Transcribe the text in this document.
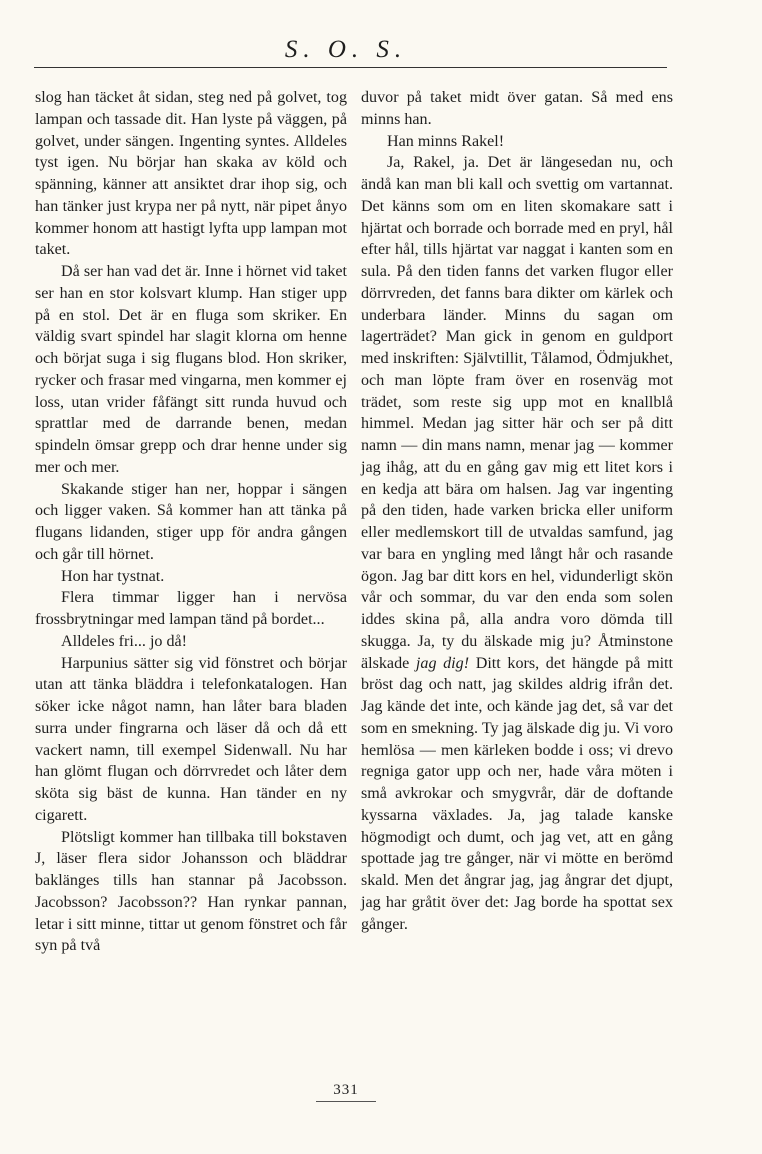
S. O. S.

slog han täcket åt sidan, steg ned på golvet, tog lampan och tassade dit. Han lyste på väggen, på golvet, under sängen. Ingenting syntes. Alldeles tyst igen. Nu börjar han skaka av köld och spänning, känner att ansiktet drar ihop sig, och han tänker just krypa ner på nytt, när pipet ånyo kommer honom att hastigt lyfta upp lampan mot taket.

Då ser han vad det är. Inne i hörnet vid taket ser han en stor kolsvart klump. Han stiger upp på en stol. Det är en fluga som skriker. En väldig svart spindel har slagit klorna om henne och börjat suga i sig flugans blod. Hon skriker, rycker och frasar med vingarna, men kommer ej loss, utan vrider fåfängt sitt runda huvud och sprattlar med de darrande benen, medan spindeln ömsar grepp och drar henne under sig mer och mer.

Skakande stiger han ner, hoppar i sängen och ligger vaken. Så kommer han att tänka på flugans lidanden, stiger upp för andra gången och går till hörnet.

Hon har tystnat.

Flera timmar ligger han i nervösa frossbrytningar med lampan tänd på bordet...

Alldeles fri... jo då!

Harpunius sätter sig vid fönstret och börjar utan att tänka bläddra i telefonkatalogen. Han söker icke något namn, han låter bara bladen surra under fingrarna och läser då och då ett vackert namn, till exempel Sidenwall. Nu har han glömt flugan och dörrvredet och låter dem sköta sig bäst de kunna. Han tänder en ny cigarett.

Plötsligt kommer han tillbaka till bokstaven J, läser flera sidor Johansson och bläddrar baklänges tills han stannar på Jacobsson. Jacobsson? Jacobsson?? Han rynkar pannan, letar i sitt minne, tittar ut genom fönstret och får syn på två

duvor på taket midt över gatan. Så med ens minns han.

Han minns Rakel!

Ja, Rakel, ja. Det är längesedan nu, och ändå kan man bli kall och svettig om vartannat. Det känns som om en liten skomakare satt i hjärtat och borrade och borrade med en pryl, hål efter hål, tills hjärtat var naggat i kanten som en sula. På den tiden fanns det varken flugor eller dörrvreden, det fanns bara dikter om kärlek och underbara länder. Minns du sagan om lagerträdet? Man gick in genom en guldport med inskriften: Självtillit, Tålamod, Ödmjukhet, och man löpte fram över en rosenväg mot trädet, som reste sig upp mot en knallblå himmel. Medan jag sitter här och ser på ditt namn — din mans namn, menar jag — kommer jag ihåg, att du en gång gav mig ett litet kors i en kedja att bära om halsen. Jag var ingenting på den tiden, hade varken bricka eller uniform eller medlemskort till de utvaldas samfund, jag var bara en yngling med långt hår och rasande ögon. Jag bar ditt kors en hel, vidunderligt skön vår och sommar, du var den enda som solen iddes skina på, alla andra voro dömda till skugga. Ja, ty du älskade mig ju? Åtminstone älskade jag dig! Ditt kors, det hängde på mitt bröst dag och natt, jag skildes aldrig ifrån det. Jag kände det inte, och kände jag det, så var det som en smekning. Ty jag älskade dig ju. Vi voro hemlösa — men kärleken bodde i oss; vi drevo regniga gator upp och ner, hade våra möten i små avkrokar och smygvrår, där de doftande kyssarna växlades. Ja, jag talade kanske högmodigt och dumt, och jag vet, att en gång spottade jag tre gånger, när vi mötte en berömd skald. Men det ångrar jag, jag ångrar det djupt, jag har gråtit över det: Jag borde ha spottat sex gånger.

331
